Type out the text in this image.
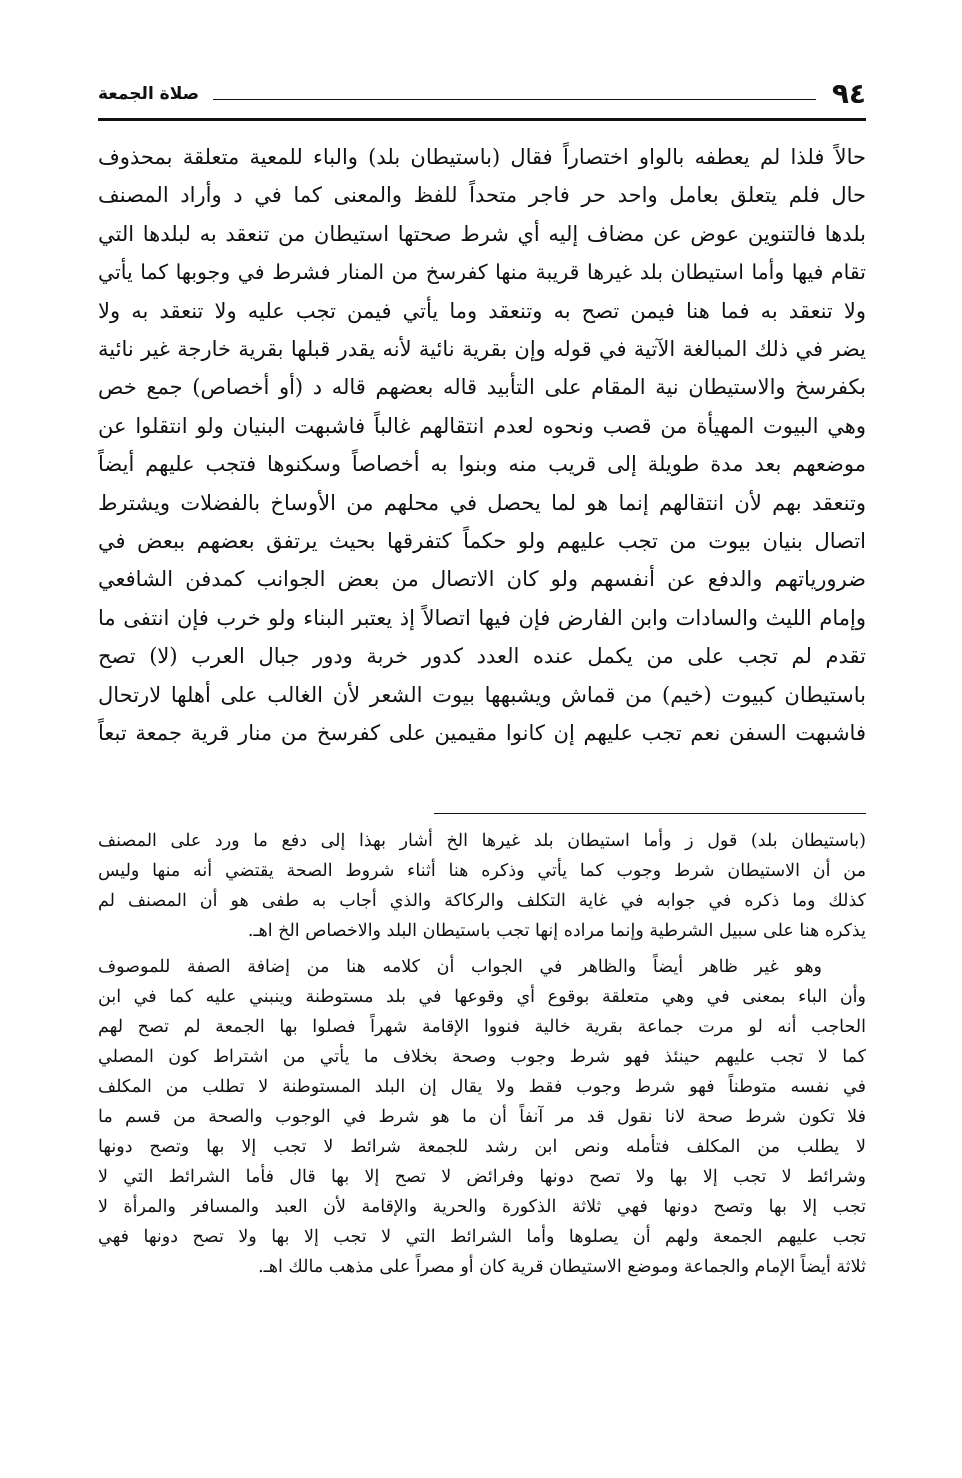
٩٤
صلاة الجمعة
حالاً فلذا لم يعطفه بالواو اختصاراً فقال (باستيطان بلد) والباء للمعية متعلقة بمحذوف
حال فلم يتعلق بعامل واحد حر فاجر متحداً للفظ والمعنى كما في د وأراد المصنف
بلدها فالتنوين عوض عن مضاف إليه أي شرط صحتها استيطان من تنعقد به لبلدها التي
تقام فيها وأما استيطان بلد غيرها قريبة منها كفرسخ من المنار فشرط في وجوبها كما يأتي
ولا تنعقد به فما هنا فيمن تصح به وتنعقد وما يأتي فيمن تجب عليه ولا تنعقد به ولا
يضر في ذلك المبالغة الآتية في قوله وإن بقرية نائية لأنه يقدر قبلها بقرية خارجة غير نائية
بكفرسخ والاستيطان نية المقام على التأبيد قاله بعضهم قاله د (أو أخصاص) جمع خص
وهي البيوت المهيأة من قصب ونحوه لعدم انتقالهم غالباً فاشبهت البنيان ولو انتقلوا عن
موضعهم بعد مدة طويلة إلى قريب منه وبنوا به أخصاصاً وسكنوها فتجب عليهم أيضاً
وتنعقد بهم لأن انتقالهم إنما هو لما يحصل في محلهم من الأوساخ بالفضلات ويشترط
اتصال بنيان بيوت من تجب عليهم ولو حكماً كتفرقها بحيث يرتفق بعضهم ببعض في
ضرورياتهم والدفع عن أنفسهم ولو كان الاتصال من بعض الجوانب كمدفن الشافعي
وإمام الليث والسادات وابن الفارض فإن فيها اتصالاً إذ يعتبر البناء ولو خرب فإن انتفى ما
تقدم لم تجب على من يكمل عنده العدد كدور خربة ودور جبال العرب (لا) تصح
باستيطان كبيوت (خيم) من قماش ويشبهها بيوت الشعر لأن الغالب على أهلها لارتحال
فاشبهت السفن نعم تجب عليهم إن كانوا مقيمين على كفرسخ من منار قرية جمعة تبعاً
(باستيطان بلد) قول ز وأما استيطان بلد غيرها الخ أشار بهذا إلى دفع ما ورد على المصنف
من أن الاستيطان شرط وجوب كما يأتي وذكره هنا أثناء شروط الصحة يقتضي أنه منها وليس
كذلك وما ذكره في جوابه في غاية التكلف والركاكة والذي أجاب به طفى هو أن المصنف لم
يذكره هنا على سبيل الشرطية وإنما مراده إنها تجب باستيطان البلد والاخصاص الخ اهـ.
وهو غير ظاهر أيضاً والظاهر في الجواب أن كلامه هنا من إضافة الصفة للموصوف
وأن الباء بمعنى في وهي متعلقة بوقوع أي وقوعها في بلد مستوطنة وينبني عليه كما في ابن
الحاجب أنه لو مرت جماعة بقرية خالية فنووا الإقامة شهراً فصلوا بها الجمعة لم تصح لهم
كما لا تجب عليهم حينئذ فهو شرط وجوب وصحة بخلاف ما يأتي من اشتراط كون المصلي
في نفسه متوطناً فهو شرط وجوب فقط ولا يقال إن البلد المستوطنة لا تطلب من المكلف
فلا تكون شرط صحة لانا نقول قد مر آنفاً أن ما هو شرط في الوجوب والصحة من قسم ما
لا يطلب من المكلف فتأمله ونص ابن رشد للجمعة شرائط لا تجب إلا بها وتصح دونها
وشرائط لا تجب إلا بها ولا تصح دونها وفرائض لا تصح إلا بها قال فأما الشرائط التي لا
تجب إلا بها وتصح دونها فهي ثلاثة الذكورة والحرية والإقامة لأن العبد والمسافر والمرأة لا
تجب عليهم الجمعة ولهم أن يصلوها وأما الشرائط التي لا تجب إلا بها ولا تصح دونها فهي
ثلاثة أيضاً الإمام والجماعة وموضع الاستيطان قرية كان أو مصراً على مذهب مالك اهـ.
